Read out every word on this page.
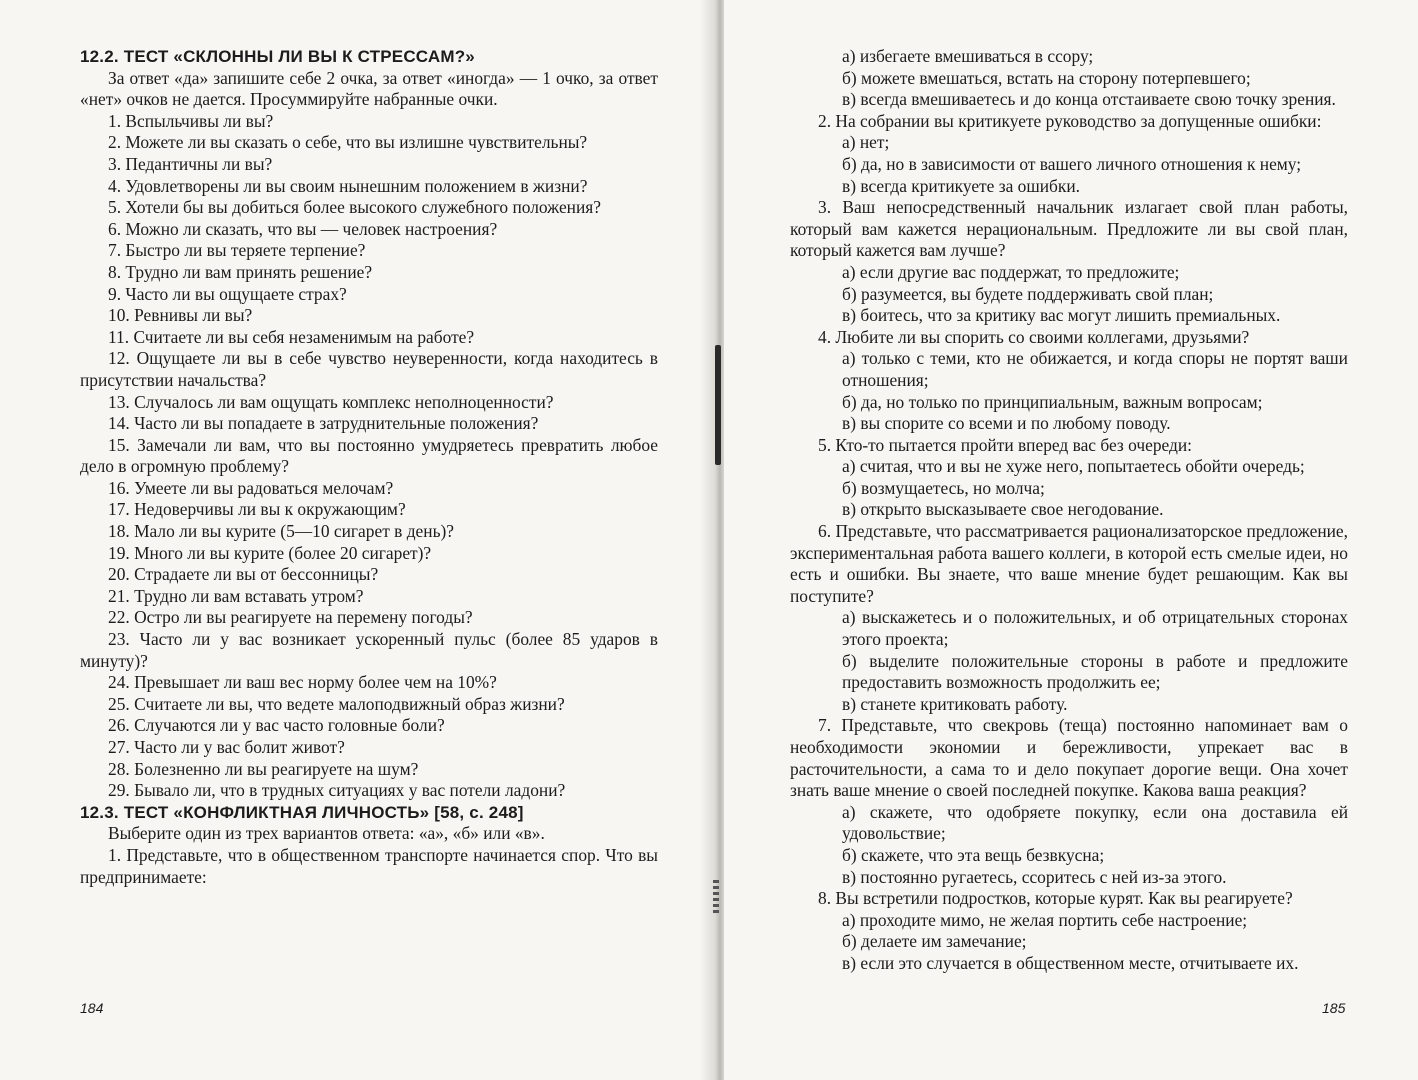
12.2. ТЕСТ «СКЛОННЫ ЛИ ВЫ К СТРЕССАМ?»

За ответ «да» запишите себе 2 очка, за ответ «иногда» — 1 очко, за ответ «нет» очков не дается. Просуммируйте набранные очки.

1. Вспыльчивы ли вы?

2. Можете ли вы сказать о себе, что вы излишне чувствительны?

3. Педантичны ли вы?

4. Удовлетворены ли вы своим нынешним положением в жизни?

5. Хотели бы вы добиться более высокого служебного положения?

6. Можно ли сказать, что вы — человек настроения?

7. Быстро ли вы теряете терпение?

8. Трудно ли вам принять решение?

9. Часто ли вы ощущаете страх?

10. Ревнивы ли вы?

11. Считаете ли вы себя незаменимым на работе?

12. Ощущаете ли вы в себе чувство неуверенности, когда находитесь в присутствии начальства?

13. Случалось ли вам ощущать комплекс неполноценности?

14. Часто ли вы попадаете в затруднительные положения?

15. Замечали ли вам, что вы постоянно умудряетесь превратить любое дело в огромную проблему?

16. Умеете ли вы радоваться мелочам?

17. Недоверчивы ли вы к окружающим?

18. Мало ли вы курите (5—10 сигарет в день)?

19. Много ли вы курите (более 20 сигарет)?

20. Страдаете ли вы от бессонницы?

21. Трудно ли вам вставать утром?

22. Остро ли вы реагируете на перемену погоды?

23. Часто ли у вас возникает ускоренный пульс (более 85 ударов в минуту)?

24. Превышает ли ваш вес норму более чем на 10%?

25. Считаете ли вы, что ведете малоподвижный образ жизни?

26. Случаются ли у вас часто головные боли?

27. Часто ли у вас болит живот?

28. Болезненно ли вы реагируете на шум?

29. Бывало ли, что в трудных ситуациях у вас потели ладони?

12.3. ТЕСТ «КОНФЛИКТНАЯ ЛИЧНОСТЬ» [58, с. 248]

Выберите один из трех вариантов ответа: «а», «б» или «в».

1. Представьте, что в общественном транспорте начинается спор. Что вы предпринимаете:

184

а) избегаете вмешиваться в ссору;

б) можете вмешаться, встать на сторону потерпевшего;

в) всегда вмешиваетесь и до конца отстаиваете свою точку зрения.

2. На собрании вы критикуете руководство за допущенные ошибки:

а) нет;

б) да, но в зависимости от вашего личного отношения к нему;

в) всегда критикуете за ошибки.

3. Ваш непосредственный начальник излагает свой план работы, который вам кажется нерациональным. Предложите ли вы свой план, который кажется вам лучше?

а) если другие вас поддержат, то предложите;

б) разумеется, вы будете поддерживать свой план;

в) боитесь, что за критику вас могут лишить премиальных.

4. Любите ли вы спорить со своими коллегами, друзьями?

а) только с теми, кто не обижается, и когда споры не портят ваши отношения;

б) да, но только по принципиальным, важным вопросам;

в) вы спорите со всеми и по любому поводу.

5. Кто-то пытается пройти вперед вас без очереди:

а) считая, что и вы не хуже него, попытаетесь обойти очередь;

б) возмущаетесь, но молча;

в) открыто высказываете свое негодование.

6. Представьте, что рассматривается рационализаторское предложение, экспериментальная работа вашего коллеги, в которой есть смелые идеи, но есть и ошибки. Вы знаете, что ваше мнение будет решающим. Как вы поступите?

а) выскажетесь и о положительных, и об отрицательных сторонах этого проекта;

б) выделите положительные стороны в работе и предложите предоставить возможность продолжить ее;

в) станете критиковать работу.

7. Представьте, что свекровь (теща) постоянно напоминает вам о необходимости экономии и бережливости, упрекает вас в расточительности, а сама то и дело покупает дорогие вещи. Она хочет знать ваше мнение о своей последней покупке. Какова ваша реакция?

а) скажете, что одобряете покупку, если она доставила ей удовольствие;

б) скажете, что эта вещь безвкусна;

в) постоянно ругаетесь, ссоритесь с ней из-за этого.

8. Вы встретили подростков, которые курят. Как вы реагируете?

а) проходите мимо, не желая портить себе настроение;

б) делаете им замечание;

в) если это случается в общественном месте, отчитываете их.

185
